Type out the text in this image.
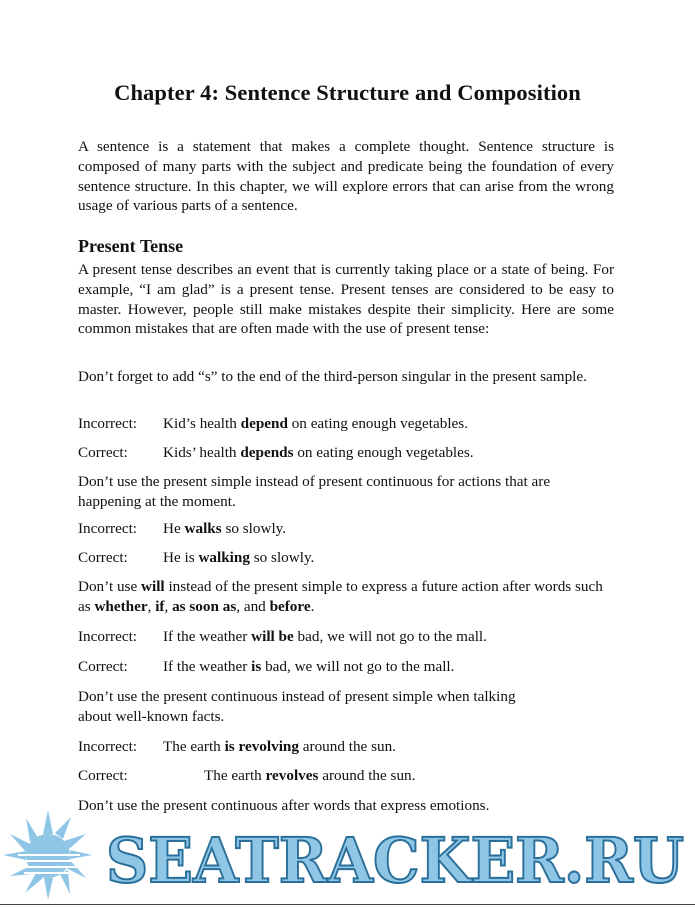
Chapter 4: Sentence Structure and Composition

A sentence is a statement that makes a complete thought. Sentence structure is composed of many parts with the subject and predicate being the foundation of every sentence structure. In this chapter, we will explore errors that can arise from the wrong usage of various parts of a sentence.

Present Tense

A present tense describes an event that is currently taking place or a state of being. For example, “I am glad” is a present tense. Present tenses are considered to be easy to master. However, people still make mistakes despite their simplicity. Here are some common mistakes that are often made with the use of present tense:

Don’t forget to add “s” to the end of the third-person singular in the present sample.

Incorrect: Kid’s health depend on eating enough vegetables.

Correct: Kids’ health depends on eating enough vegetables.

Don’t use the present simple instead of present continuous for actions that are happening at the moment.

Incorrect: He walks so slowly.

Correct: He is walking so slowly.

Don’t use will instead of the present simple to express a future action after words such as whether, if, as soon as, and before.

Incorrect: If the weather will be bad, we will not go to the mall.

Correct: If the weather is bad, we will not go to the mall.

Don’t use the present continuous instead of present simple when talking

about well-known facts.

Incorrect: The earth is revolving around the sun.

Correct:	The earth revolves around the sun.

Don’t use the present continuous after words that express emotions.

SEATRACKER.RU
